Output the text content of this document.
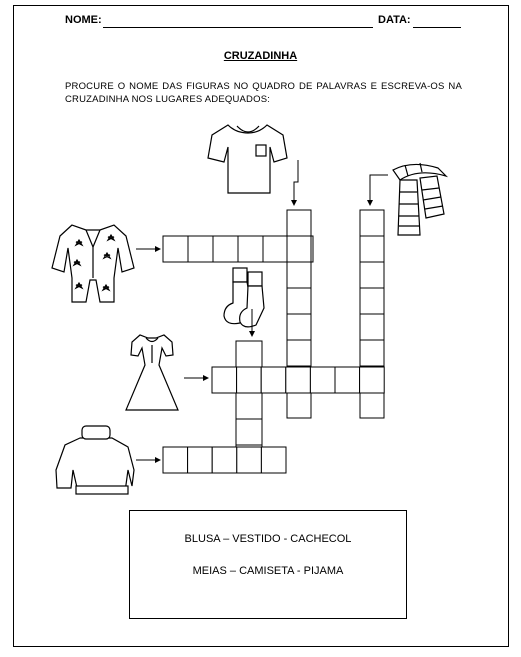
NOME:	DATA:
CRUZADINHA
PROCURE O NOME DAS FIGURAS NO QUADRO DE PALAVRAS E ESCREVA-OS NA CRUZADINHA NOS LUGARES ADEQUADOS:
BLUSA – VESTIDO - CACHECOL
MEIAS – CAMISETA - PIJAMA
